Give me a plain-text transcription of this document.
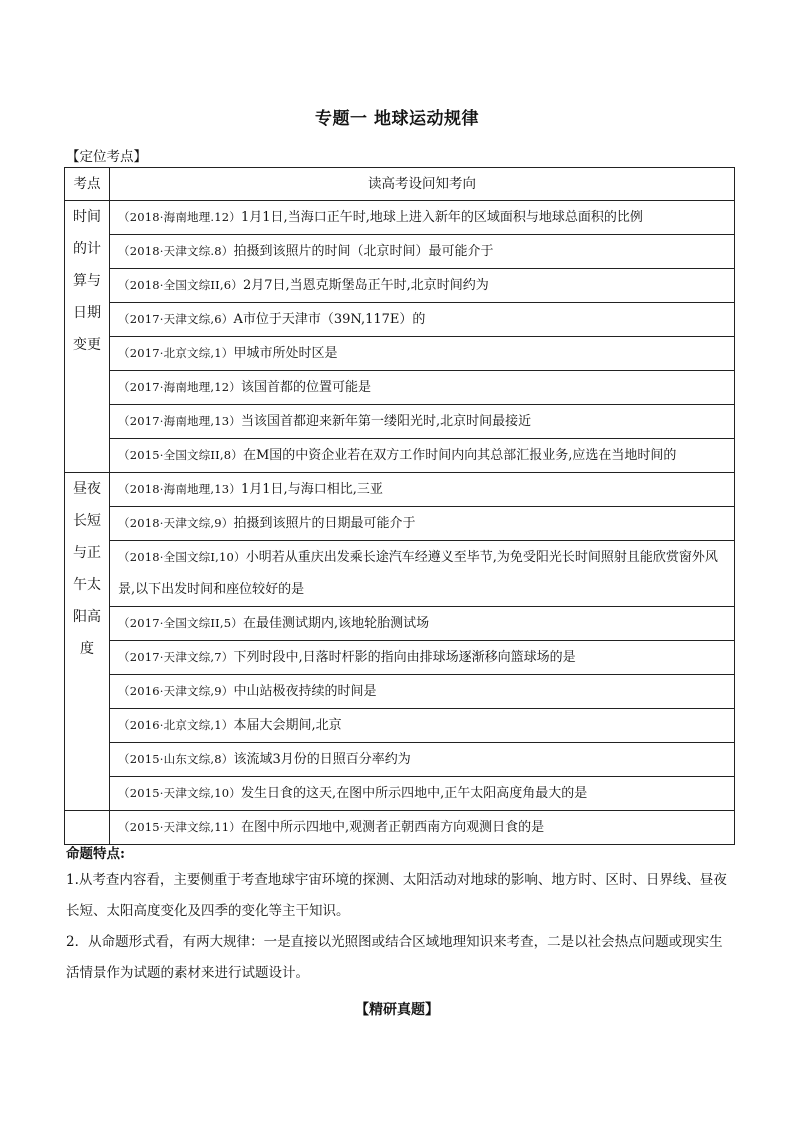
专题一 地球运动规律
【定位考点】
考点	读高考设问知考向

时间的计算与日期变更	（2018·海南地理.12）1月1日,当海口正午时,地球上进入新年的区域面积与地球总面积的比例
	（2018·天津文综.8）拍摄到该照片的时间（北京时间）最可能介于
	（2018·全国文综II,6）2月7日,当恩克斯堡岛正午时,北京时间约为
	（2017·天津文综,6）A市位于天津市（39N,117E）的
	（2017·北京文综,1）甲城市所处时区是
	（2017·海南地理,12）该国首都的位置可能是
	（2017·海南地理,13）当该国首都迎来新年第一缕阳光时,北京时间最接近
	（2015·全国文综II,8）在M国的中资企业若在双方工作时间内向其总部汇报业务,应选在当地时间的

昼夜长短与正午太阳高度	（2018·海南地理,13）1月1日,与海口相比,三亚
	（2018·天津文综,9）拍摄到该照片的日期最可能介于
	（2018·全国文综I,10）小明若从重庆出发乘长途汽车经遵义至毕节,为免受阳光长时间照射且能欣赏窗外风景,以下出发时间和座位较好的是
	（2017·全国文综II,5）在最佳测试期内,该地轮胎测试场
	（2017·天津文综,7）下列时段中,日落时杆影的指向由排球场逐渐移向篮球场的是
	（2016·天津文综,9）中山站极夜持续的时间是
	（2016·北京文综,1）本届大会期间,北京
	（2015·山东文综,8）该流域3月份的日照百分率约为
	（2015·天津文综,10）发生日食的这天,在图中所示四地中,正午太阳高度角最大的是

	（2015·天津文综,11）在图中所示四地中,观测者正朝西南方向观测日食的是
命题特点:

1.从考查内容看，主要侧重于考查地球宇宙环境的探测、太阳活动对地球的影响、地方时、区时、日界线、昼夜长短、太阳高度变化及四季的变化等主干知识。

2．从命题形式看，有两大规律：一是直接以光照图或结合区域地理知识来考查，二是以社会热点问题或现实生活情景作为试题的素材来进行试题设计。

【精研真题】
